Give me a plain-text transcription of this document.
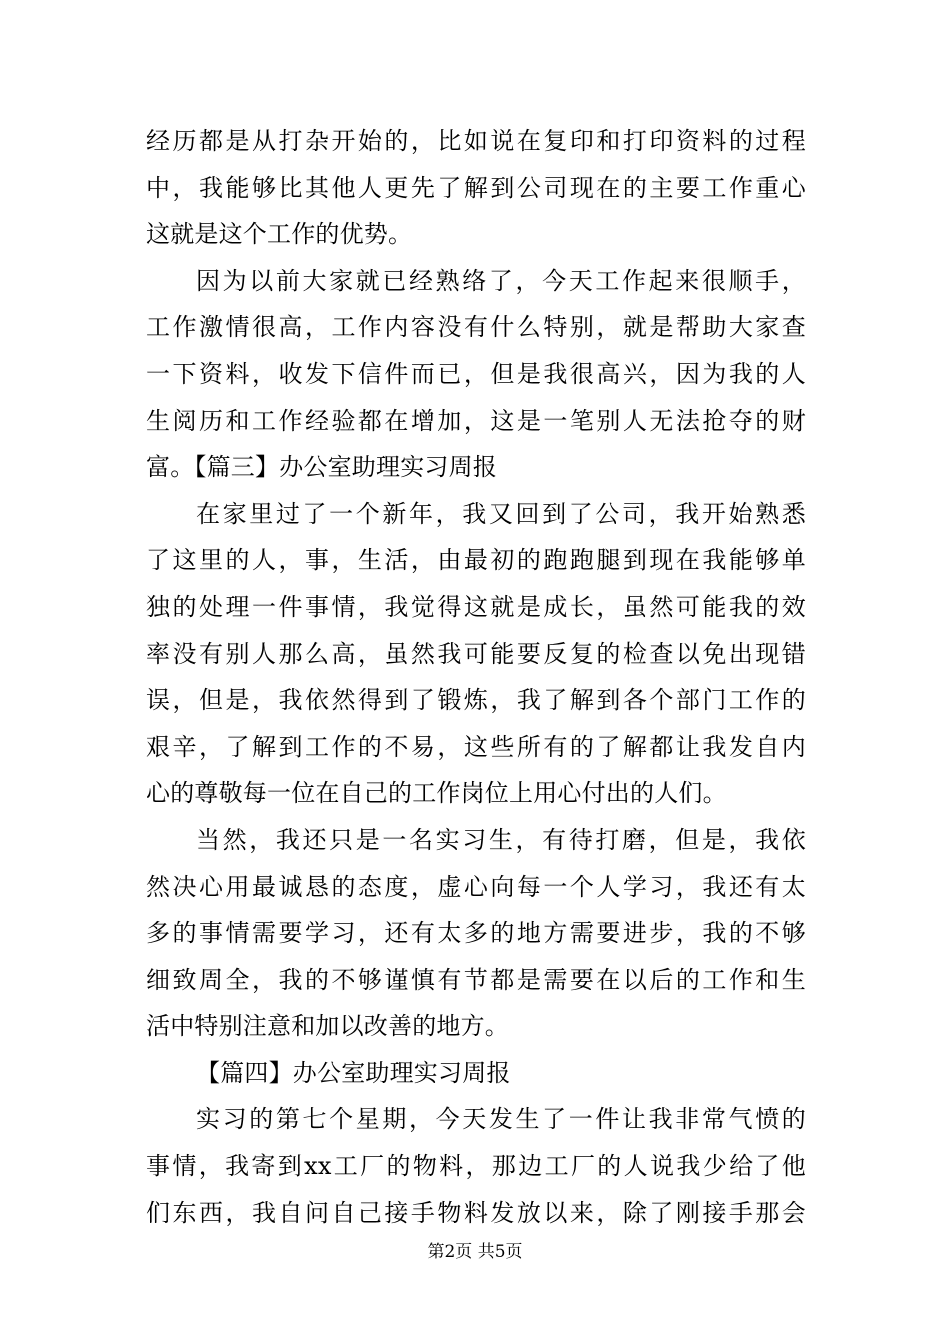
经历都是从打杂开始的，比如说在复印和打印资料的过程
中，我能够比其他人更先了解到公司现在的主要工作重心
这就是这个工作的优势。
因为以前大家就已经熟络了，今天工作起来很顺手，
工作激情很高，工作内容没有什么特别，就是帮助大家查
一下资料，收发下信件而已，但是我很高兴，因为我的人
生阅历和工作经验都在增加，这是一笔别人无法抢夺的财
富。【篇三】办公室助理实习周报
在家里过了一个新年，我又回到了公司，我开始熟悉
了这里的人，事，生活，由最初的跑跑腿到现在我能够单
独的处理一件事情，我觉得这就是成长，虽然可能我的效
率没有别人那么高，虽然我可能要反复的检查以免出现错
误，但是，我依然得到了锻炼，我了解到各个部门工作的
艰辛，了解到工作的不易，这些所有的了解都让我发自内
心的尊敬每一位在自己的工作岗位上用心付出的人们。
当然，我还只是一名实习生，有待打磨，但是，我依
然决心用最诚恳的态度，虚心向每一个人学习，我还有太
多的事情需要学习，还有太多的地方需要进步，我的不够
细致周全，我的不够谨慎有节都是需要在以后的工作和生
活中特别注意和加以改善的地方。
【篇四】办公室助理实习周报
实习的第七个星期，今天发生了一件让我非常气愤的
事情，我寄到xx工厂的物料，那边工厂的人说我少给了他
们东西，我自问自己接手物料发放以来，除了刚接手那会
第2页 共5页
